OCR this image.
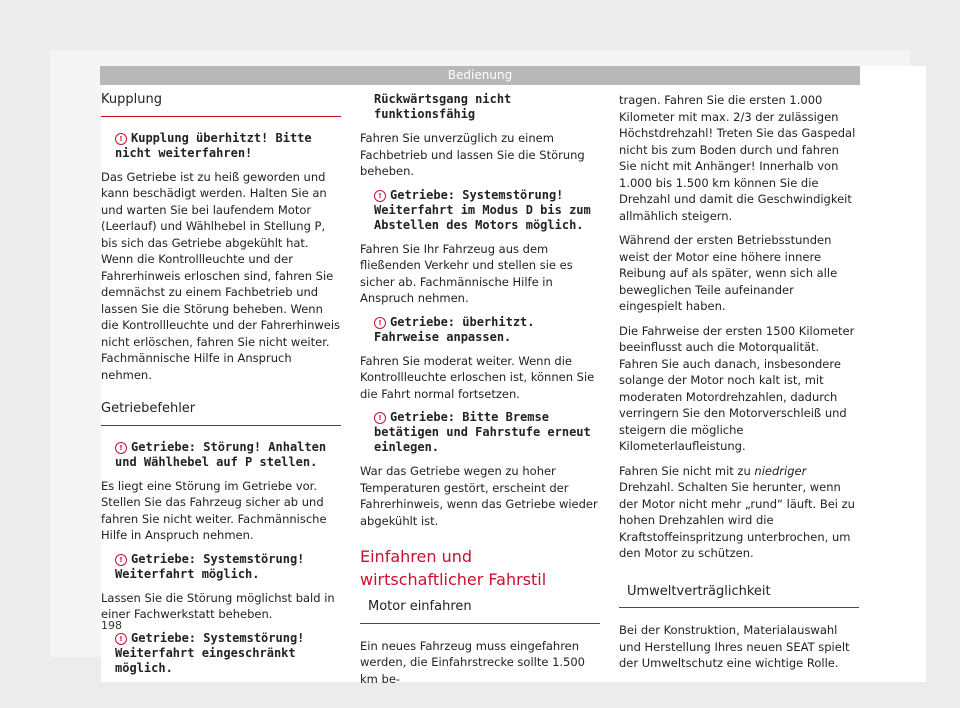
Bedienung
Kupplung
! Kupplung überhitzt! Bitte nicht weiterfahren!

Das Getriebe ist zu heiß geworden und kann beschädigt werden. Halten Sie an und warten Sie bei laufendem Motor (Leerlauf) und Wählhebel in Stellung P, bis sich das Getriebe abgekühlt hat. Wenn die Kontrollleuchte und der Fahrerhinweis erloschen sind, fahren Sie demnächst zu einem Fachbetrieb und lassen Sie die Störung beheben. Wenn die Kontrollleuchte und der Fahrerhinweis nicht erlöschen, fahren Sie nicht weiter. Fachmännische Hilfe in Anspruch nehmen.

Getriebefehler
! Getriebe: Störung! Anhalten und Wählhebel auf P stellen.

Es liegt eine Störung im Getriebe vor. Stellen Sie das Fahrzeug sicher ab und fahren Sie nicht weiter. Fachmännische Hilfe in Anspruch nehmen.

! Getriebe: Systemstörung! Weiterfahrt möglich.

Lassen Sie die Störung möglichst bald in einer Fachwerkstatt beheben.

! Getriebe: Systemstörung! Weiterfahrt eingeschränkt möglich.
Rückwärtsgang nicht funktionsfähig

Fahren Sie unverzüglich zu einem Fachbetrieb und lassen Sie die Störung beheben.

! Getriebe: Systemstörung! Weiterfahrt im Modus D bis zum Abstellen des Motors möglich.

Fahren Sie Ihr Fahrzeug aus dem fließenden Verkehr und stellen sie es sicher ab. Fachmännische Hilfe in Anspruch nehmen.

! Getriebe: überhitzt. Fahrweise anpassen.

Fahren Sie moderat weiter. Wenn die Kontrollleuchte erloschen ist, können Sie die Fahrt normal fortsetzen.

! Getriebe: Bitte Bremse betätigen und Fahrstufe erneut einlegen.

War das Getriebe wegen zu hoher Temperaturen gestört, erscheint der Fahrerhinweis, wenn das Getriebe wieder abgekühlt ist.

Einfahren und wirtschaftlicher Fahrstil
Motor einfahren

Ein neues Fahrzeug muss eingefahren werden, die Einfahrstrecke sollte 1.500 km be-

tragen. Fahren Sie die ersten 1.000 Kilometer mit max. 2/3 der zulässigen Höchstdrehzahl! Treten Sie das Gaspedal nicht bis zum Boden durch und fahren Sie nicht mit Anhänger! Innerhalb von 1.000 bis 1.500 km können Sie die Drehzahl und damit die Geschwindigkeit allmählich steigern.

Während der ersten Betriebsstunden weist der Motor eine höhere innere Reibung auf als später, wenn sich alle beweglichen Teile aufeinander eingespielt haben.

Die Fahrweise der ersten 1500 Kilometer beeinflusst auch die Motorqualität. Fahren Sie auch danach, insbesondere solange der Motor noch kalt ist, mit moderaten Motordrehzahlen, dadurch verringern Sie den Motorverschleiß und steigern die mögliche Kilometerlaufleistung.

Fahren Sie nicht mit zu niedriger Drehzahl. Schalten Sie herunter, wenn der Motor nicht mehr „rund“ läuft. Bei zu hohen Drehzahlen wird die Kraftstoffeinspritzung unterbrochen, um den Motor zu schützen.

Umweltverträglichkeit

Bei der Konstruktion, Materialauswahl und Herstellung Ihres neuen SEAT spielt der Umweltschutz eine wichtige Rolle.

198
